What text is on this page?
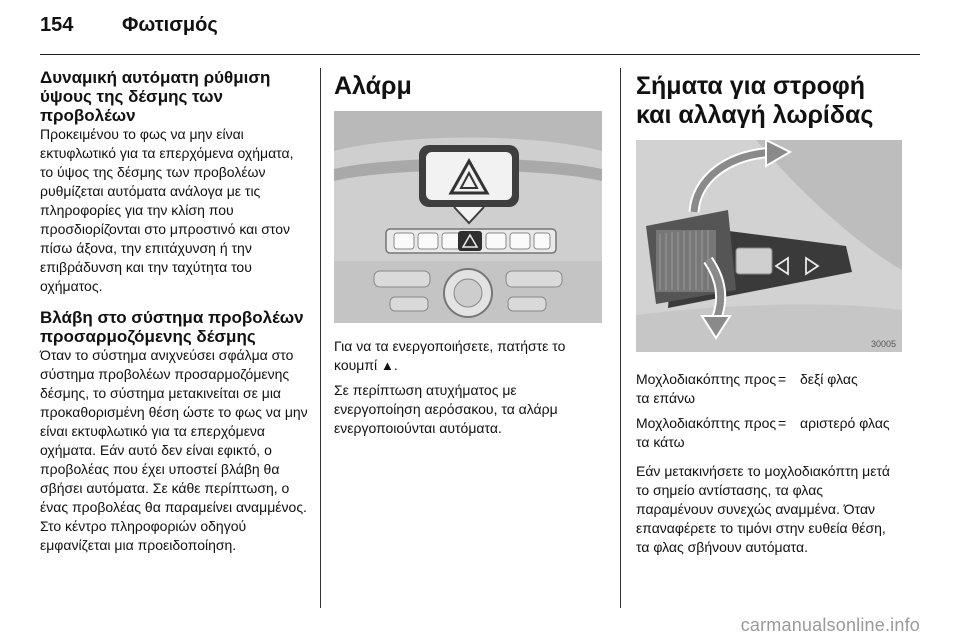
154	Φωτισμός
Δυναμική αυτόματη ρύθμιση ύψους της δέσμης των προβολέων

Προκειμένου το φως να μην είναι εκτυφλωτικό για τα επερχόμενα οχήματα, το ύψος της δέσμης των προβολέων ρυθμίζεται αυτόματα ανάλογα με τις πληροφορίες για την κλίση που προσδιορίζονται στο μπροστινό και στον πίσω άξονα, την επιτάχυνση ή την επιβράδυνση και την ταχύτητα του οχήματος.

Βλάβη στο σύστημα προβολέων προσαρμοζόμενης δέσμης

Όταν το σύστημα ανιχνεύσει σφάλμα στο σύστημα προβολέων προσαρμοζόμενης δέσμης, το σύστημα μετακινείται σε μια προκαθορισμένη θέση ώστε το φως να μην είναι εκτυφλωτικό για τα επερχόμενα οχήματα. Εάν αυτό δεν είναι εφικτό, ο προβολέας που έχει υποστεί βλάβη θα σβήσει αυτόματα. Σε κάθε περίπτωση, ο ένας προβολέας θα παραμείνει αναμμένος. Στο κέντρο πληροφοριών οδηγού εμφανίζεται μια προειδοποίηση.

Αλάρμ

Για να τα ενεργοποιήσετε, πατήστε το κουμπί ▲.

Σε περίπτωση ατυχήματος με ενεργοποίηση αερόσακου, τα αλάρμ ενεργοποιούνται αυτόματα.

Σήματα για στροφή και αλλαγή λωρίδας
30005
Μοχλοδιακόπτης προς τα επάνω	=	δεξί φλας
Μοχλοδιακόπτης προς τα κάτω	=	αριστερό φλας

Εάν μετακινήσετε το μοχλοδιακόπτη μετά το σημείο αντίστασης, τα φλας παραμένουν συνεχώς αναμμένα. Όταν επαναφέρετε το τιμόνι στην ευθεία θέση, τα φλας σβήνουν αυτόματα.

carmanualsonline.info
